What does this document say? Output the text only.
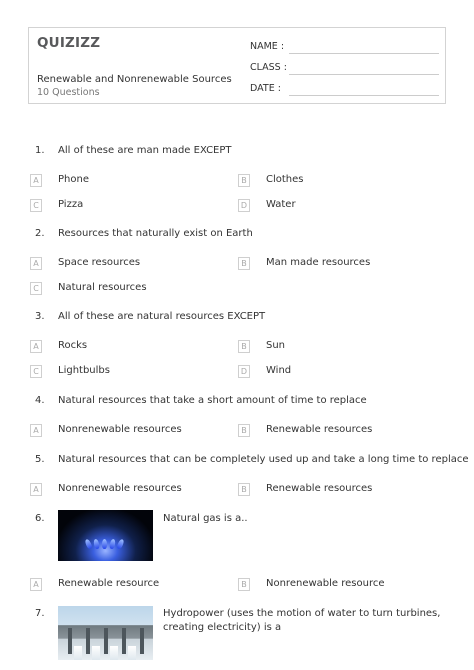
QUIZIZZ
Renewable and Nonrenewable Sources
10 Questions
NAME :
CLASS :
DATE :
1. All of these are man made EXCEPT
A	Phone	B	Clothes
C	Pizza	D Water
2. Resources that naturally exist on Earth
A	Space resources	B	Man made resources
C	Natural resources
3. All of these are natural resources EXCEPT
A	Rocks	B	Sun
C	Lightbulbs	D Wind
4. Natural resources that take a short amount of time to replace
A	Nonrenewable resources	B	Renewable resources
5. Natural resources that can be completely used up and take a long time to replace
A	Nonrenewable resources	B	Renewable resources
6.	Natural gas is a..
A	Renewable resource	B	Nonrenewable resource
7.	Hydropower (uses the motion of water to turn turbines,
creating electricity) is a
